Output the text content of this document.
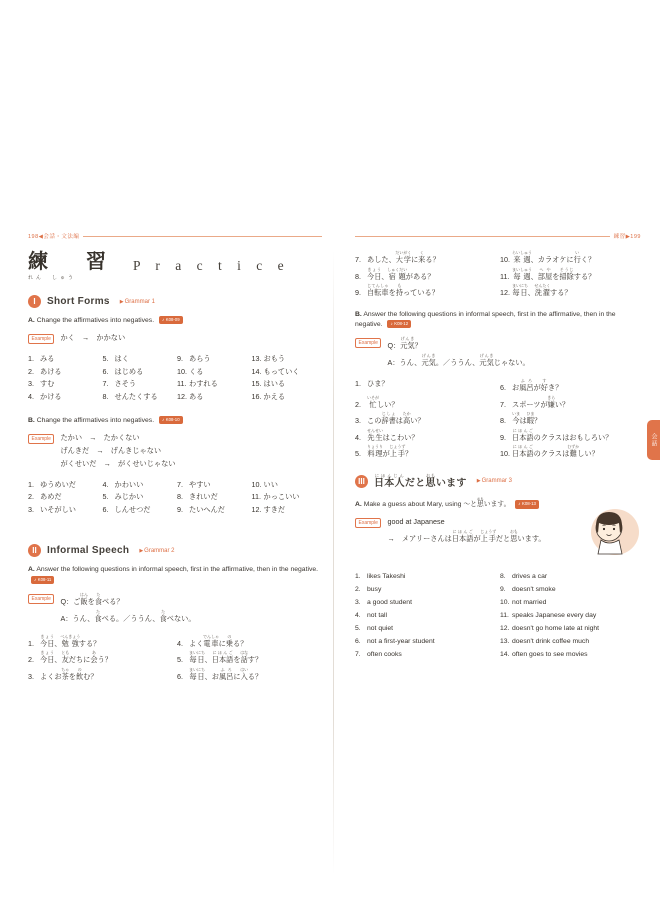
198◀会話・文法編
練　習
れん　しゅう
P r a c t i c e
I	Short Forms ▶Grammar 1
A. Change the affirmatives into negatives. ♪ K08-09
Example	かく　→　かかない
1. みる
2. あける
3. すむ
4. かける
5. はく
6. はじめる
7. さそう
8. せんたくする
9. あらう
10. くる
11. わすれる
12. ある
13. おもう
14. もっていく
15. はいる
16. かえる
B. Change the affirmatives into negatives. ♪ K08-10
Example	たかい　→　たかくない
げんきだ　→　げんきじゃない
がくせいだ　→　がくせいじゃない
1. ゆうめいだ
2. あめだ
3. いそがしい
4. かわいい
5. みじかい
6. しんせつだ
7. やすい
8. きれいだ
9. たいへんだ
10. いい
11. かっこいい
12. すきだ
II	Informal Speech ▶Grammar 2
A. Answer the following questions in informal speech, first in the affirmative, then in the negative.
♪ K08-11
Example	Q：ご飯はんを食たべる？
A：うん、食たべる。／ううん、食たべない。
1. 今日きょう、勉強べんきょうする？
2. 今日きょう、友ともだちに会あう？
3. よくお茶ちゃを飲のむ？
4. よく電車でんしゃに乗のる？
5. 毎日まいにち、日本語にほんごを話はなす？
6. 毎日まいにち、お風呂ふろに入はいる？
練習▶199
7. あした、大学だいがくに来くる？
8. 今日きょう、宿題しゅくだいがある？
9. 自転車じてんしゃを持もっている？
10. 来週らいしゅう、カラオケに行いく？
11. 毎週まいしゅう、部屋へやを掃除そうじする？
12. 毎日まいにち、洗濯せんたくする？
B. Answer the following questions in informal speech, first in the affirmative, then in the negative. ♪ K08-12
Example	Q：元気げんき？
A：うん、元気げんき。／ううん、元気げんきじゃない。
1. ひま？
2. 忙いそがしい？
3. この辞書じしょは高たかい？
4. 先生せんせいはこわい？
5. 料理りょうりが上手じょうず？
6. お風呂ふろが好すき？
7. スポーツが嫌きらい？
8. 今いまは暇ひま？
9. 日本語にほんごのクラスはおもしろい？
10. 日本語にほんごのクラスは難むずかしい？
III 日本人にほんじんだと思おもいます ▶Grammar 3
A. Make a guess about Mary, using 〜と思おもいます。 ♪ K08-13
Example	good at Japanese
→　メアリーさんは日本語にほんごが上手じょうずだと思おもいます。
1. likes Takeshi
2. busy
3. a good student
4. not tall
5. not quiet
6. not a first-year student
7. often cooks
8. drives a car
9. doesn't smoke
10. not married
11. speaks Japanese every day
12. doesn't go home late at night
13. doesn't drink coffee much
14. often goes to see movies
会話
